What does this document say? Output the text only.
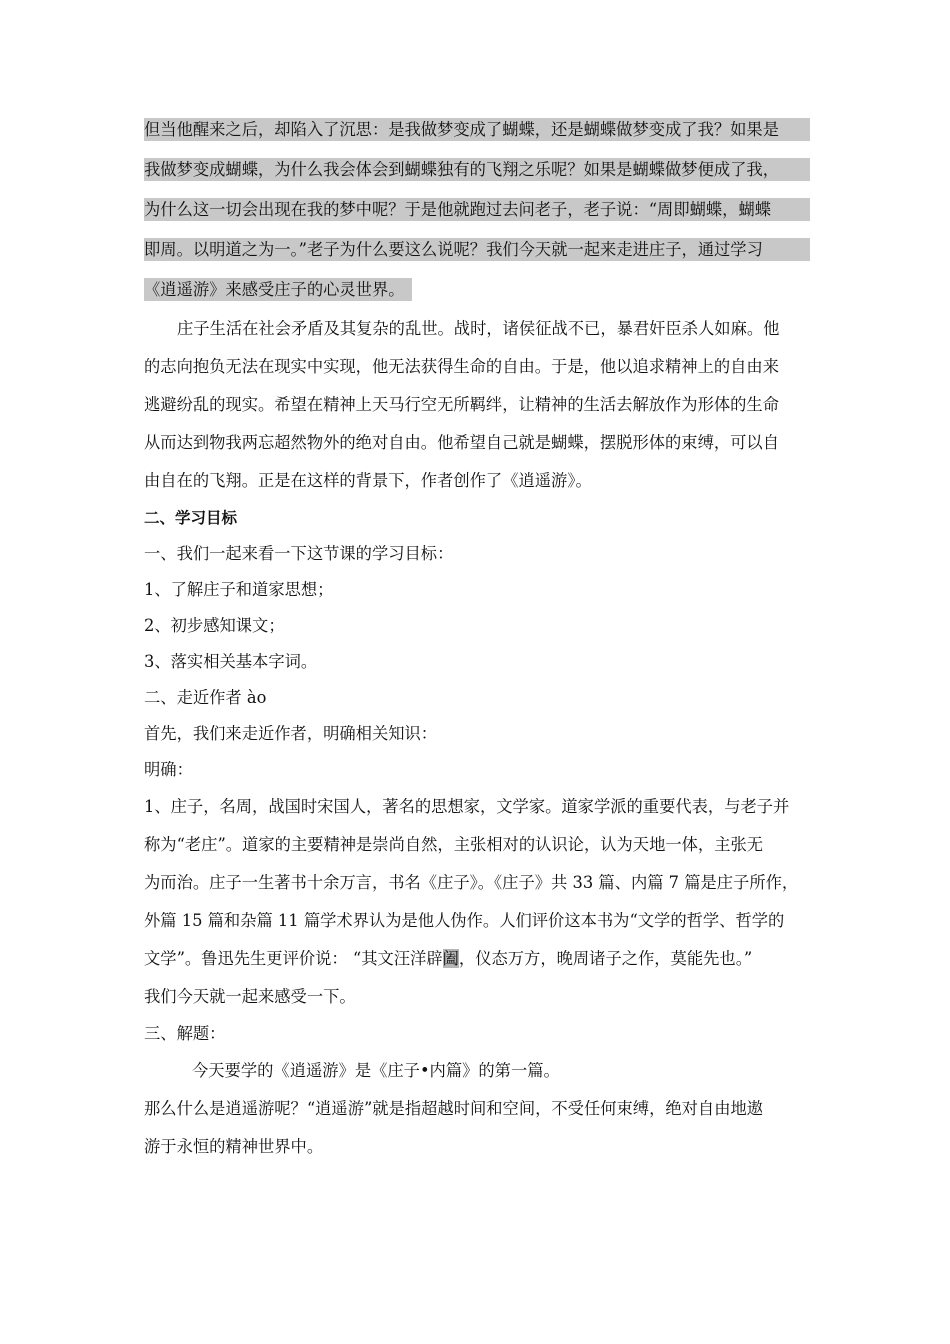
但当他醒来之后，却陷入了沉思：是我做梦变成了蝴蝶，还是蝴蝶做梦变成了我？如果是
我做梦变成蝴蝶，为什么我会体会到蝴蝶独有的飞翔之乐呢？如果是蝴蝶做梦便成了我，
为什么这一切会出现在我的梦中呢？于是他就跑过去问老子，老子说：“周即蝴蝶，蝴蝶
即周。以明道之为一。”老子为什么要这么说呢？我们今天就一起来走进庄子，通过学习
《逍遥游》来感受庄子的心灵世界。
庄子生活在社会矛盾及其复杂的乱世。战时，诸侯征战不已，暴君奸臣杀人如麻。他
的志向抱负无法在现实中实现，他无法获得生命的自由。于是，他以追求精神上的自由来
逃避纷乱的现实。希望在精神上天马行空无所羁绊，让精神的生活去解放作为形体的生命
从而达到物我两忘超然物外的绝对自由。他希望自己就是蝴蝶，摆脱形体的束缚，可以自
由自在的飞翔。正是在这样的背景下，作者创作了《逍遥游》。
二、学习目标
一、我们一起来看一下这节课的学习目标：
1、了解庄子和道家思想；
2、初步感知课文；
3、落实相关基本字词。
二、走近作者 ào
首先，我们来走近作者，明确相关知识：
明确：
1、庄子，名周，战国时宋国人，著名的思想家，文学家。道家学派的重要代表，与老子并
称为“老庄”。道家的主要精神是崇尚自然，主张相对的认识论，认为天地一体，主张无
为而治。庄子一生著书十余万言，书名《庄子》。《庄子》共 33 篇、内篇 7 篇是庄子所作，
外篇 15 篇和杂篇 11 篇学术界认为是他人伪作。人们评价这本书为“文学的哲学、哲学的
文学”。鲁迅先生更评价说： “其文汪洋辟阖，仪态万方，晚周诸子之作，莫能先也。”
我们今天就一起来感受一下。
三、解题：
今天要学的《逍遥游》是《庄子•内篇》的第一篇。
那么什么是逍遥游呢？“逍遥游”就是指超越时间和空间，不受任何束缚，绝对自由地遨
游于永恒的精神世界中。
